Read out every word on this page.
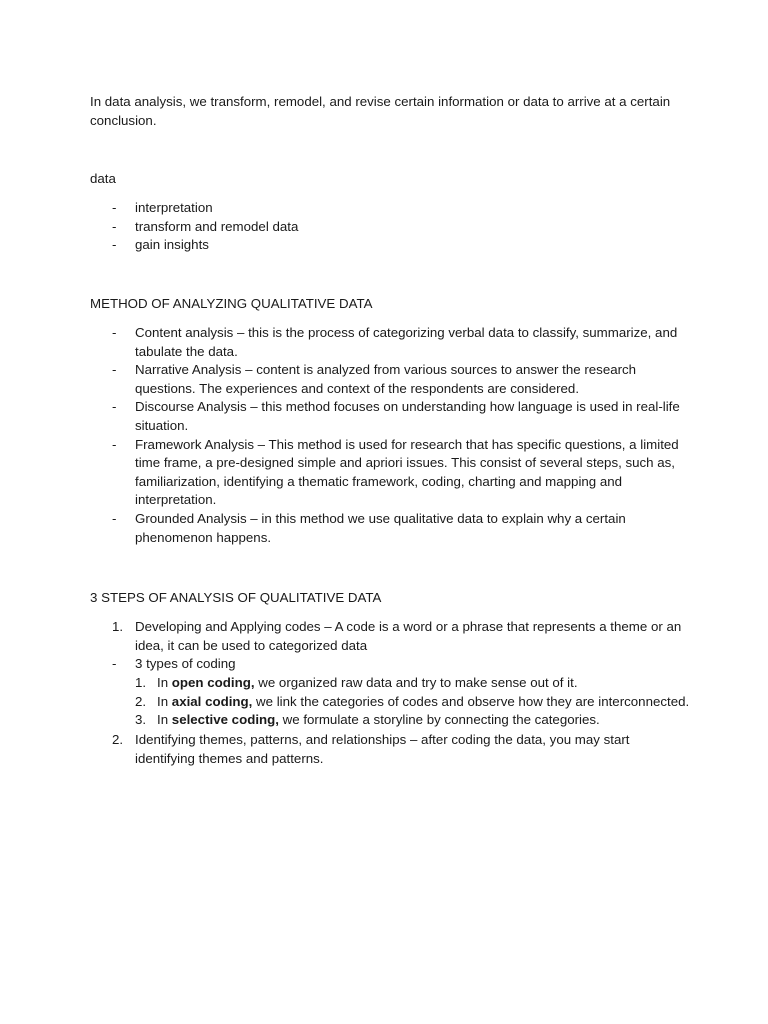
In data analysis, we transform, remodel, and revise certain information or data to arrive at a certain conclusion.

data

- interpretation
- transform and remodel data
- gain insights

METHOD OF ANALYZING QUALITATIVE DATA

- Content analysis – this is the process of categorizing verbal data to classify, summarize, and tabulate the data.
- Narrative Analysis – content is analyzed from various sources to answer the research questions. The experiences and context of the respondents are considered.
- Discourse Analysis – this method focuses on understanding how language is used in real-life situation.
- Framework Analysis – This method is used for research that has specific questions, a limited time frame, a pre-designed simple and apriori issues. This consist of several steps, such as, familiarization, identifying a thematic framework, coding, charting and mapping and interpretation.
- Grounded Analysis – in this method we use qualitative data to explain why a certain phenomenon happens.

3 STEPS OF ANALYSIS OF QUALITATIVE DATA

1. Developing and Applying codes – A code is a word or a phrase that represents a theme or an idea, it can be used to categorized data
- 3 types of coding
1. In open coding, we organized raw data and try to make sense out of it.
2. In axial coding, we link the categories of codes and observe how they are interconnected.
3. In selective coding, we formulate a storyline by connecting the categories.
2. Identifying themes, patterns, and relationships – after coding the data, you may start identifying themes and patterns.
